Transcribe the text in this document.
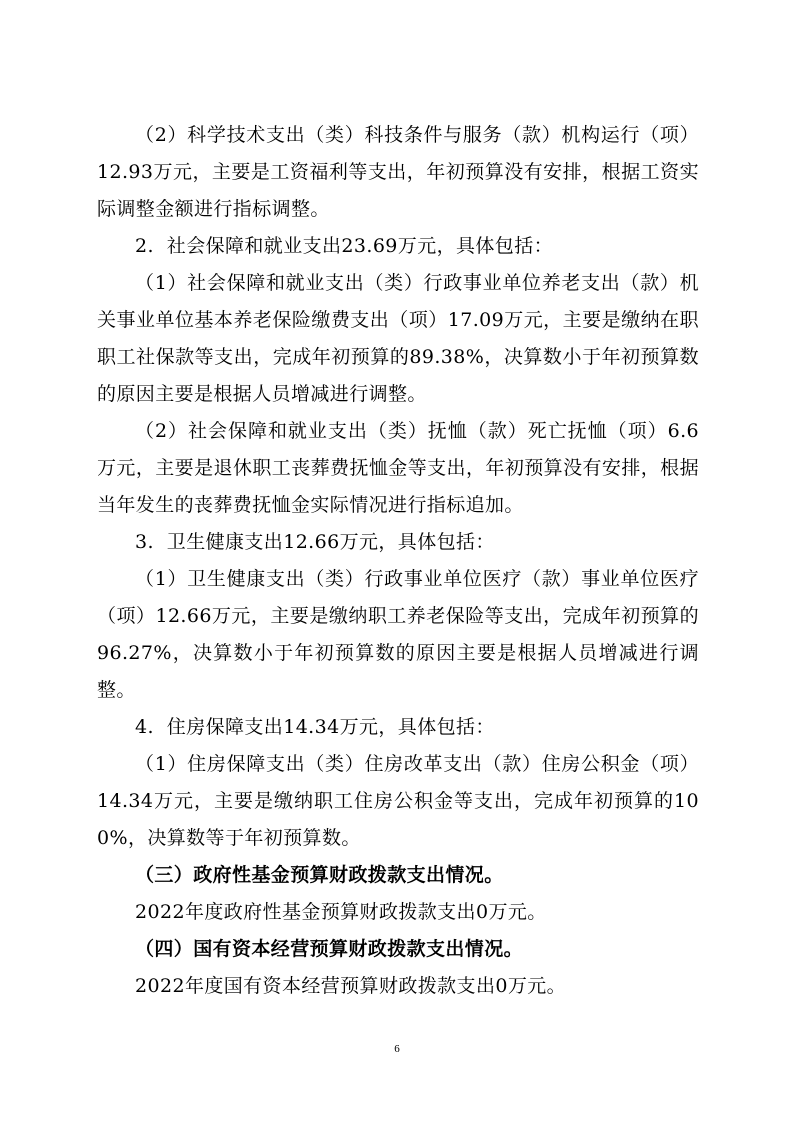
（2）科学技术支出（类）科技条件与服务（款）机构运行（项）12.93万元，主要是工资福利等支出，年初预算没有安排，根据工资实际调整金额进行指标调整。

2.  社会保障和就业支出23.69万元，具体包括：

（1）社会保障和就业支出（类）行政事业单位养老支出（款）机关事业单位基本养老保险缴费支出（项）17.09万元，主要是缴纳在职职工社保款等支出，完成年初预算的89.38%，决算数小于年初预算数的原因主要是根据人员增减进行调整。

（2）社会保障和就业支出（类）抚恤（款）死亡抚恤（项）6.6万元，主要是退休职工丧葬费抚恤金等支出，年初预算没有安排，根据当年发生的丧葬费抚恤金实际情况进行指标追加。

3.  卫生健康支出12.66万元，具体包括：

（1）卫生健康支出（类）行政事业单位医疗（款）事业单位医疗（项）12.66万元，主要是缴纳职工养老保险等支出，完成年初预算的96.27%，决算数小于年初预算数的原因主要是根据人员增减进行调整。

4.  住房保障支出14.34万元，具体包括：

（1）住房保障支出（类）住房改革支出（款）住房公积金（项）14.34万元，主要是缴纳职工住房公积金等支出，完成年初预算的100%，决算数等于年初预算数。

（三）政府性基金预算财政拨款支出情况。

2022年度政府性基金预算财政拨款支出0万元。

（四）国有资本经营预算财政拨款支出情况。

2022年度国有资本经营预算财政拨款支出0万元。

6
